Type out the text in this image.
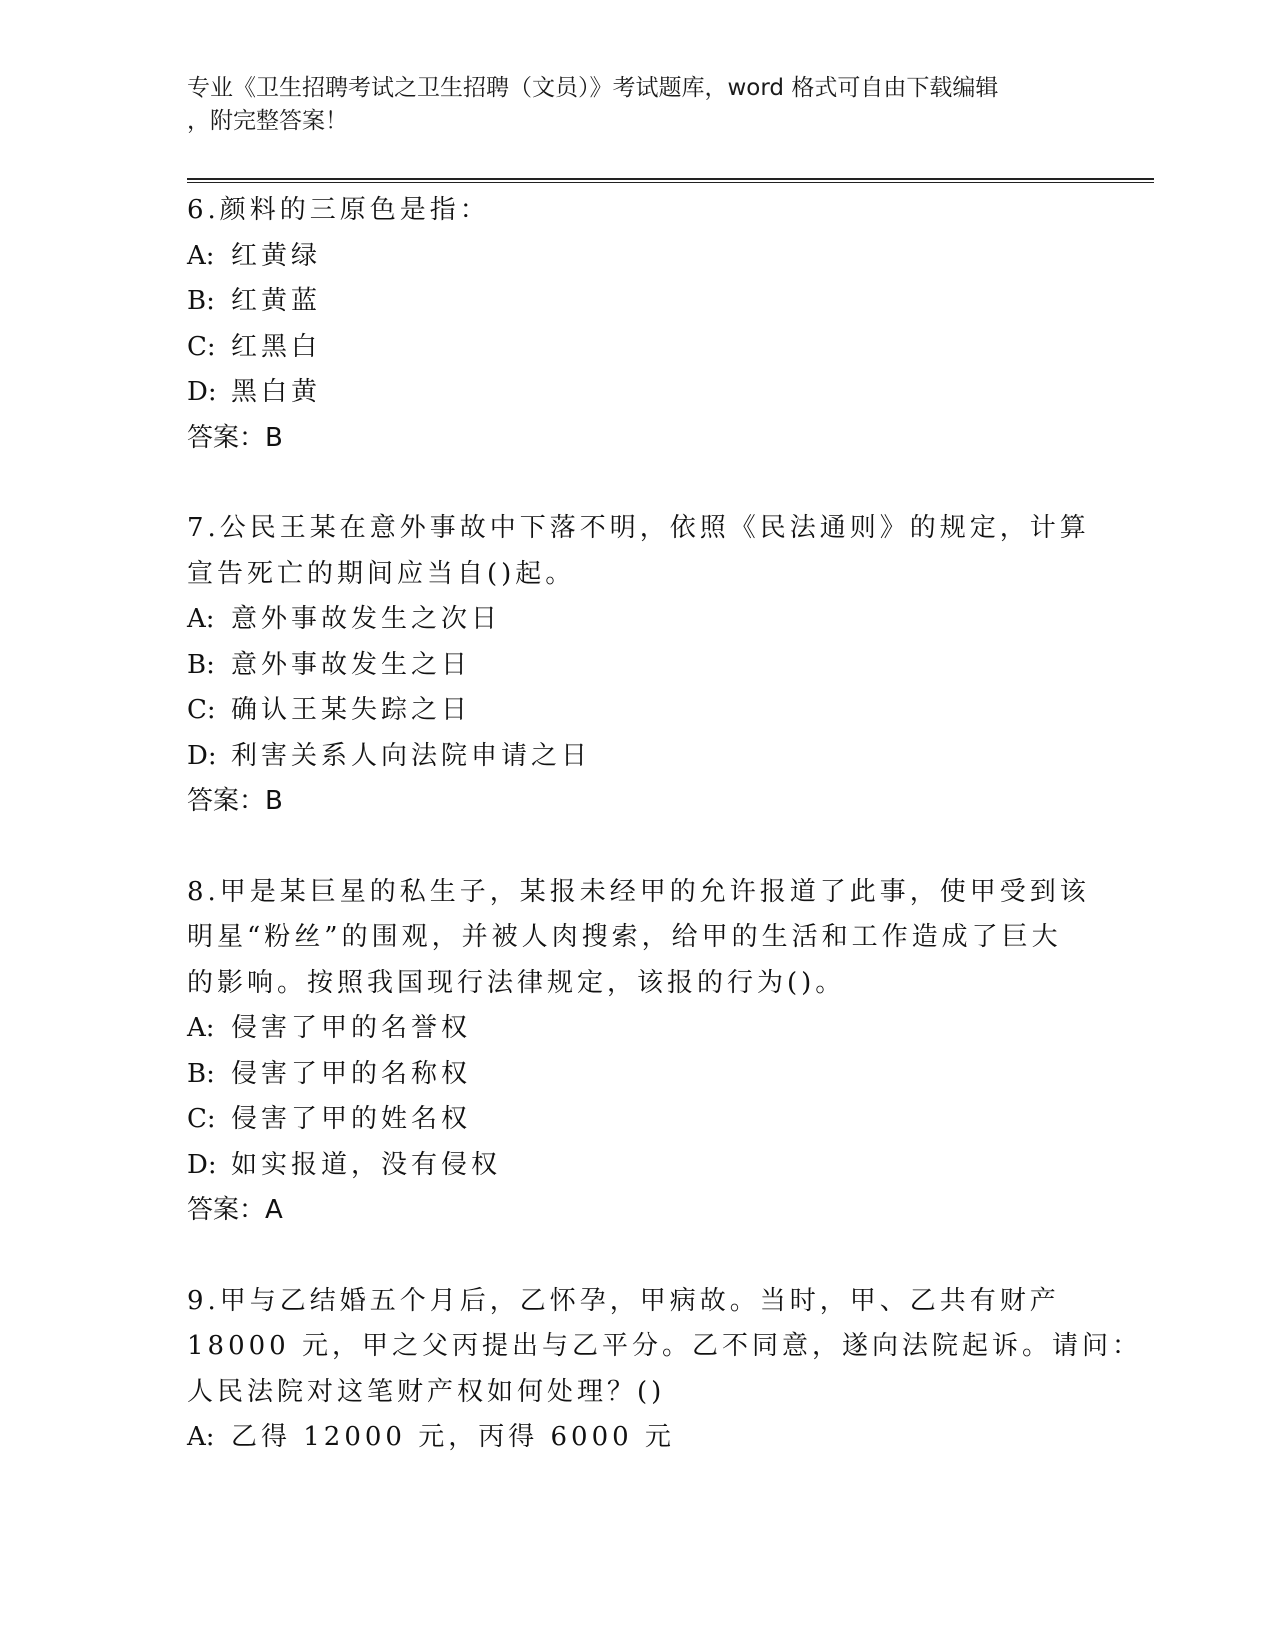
专业《卫生招聘考试之卫生招聘（文员）》考试题库，word 格式可自由下载编辑
，附完整答案！
6.颜料的三原色是指：
A: 红黄绿
B: 红黄蓝
C: 红黑白
D: 黑白黄
答案：B
7.公民王某在意外事故中下落不明，依照《民法通则》的规定，计算
宣告死亡的期间应当自()起。
A: 意外事故发生之次日
B: 意外事故发生之日
C: 确认王某失踪之日
D: 利害关系人向法院申请之日
答案：B
8.甲是某巨星的私生子，某报未经甲的允许报道了此事，使甲受到该
明星“粉丝”的围观，并被人肉搜索，给甲的生活和工作造成了巨大
的影响。按照我国现行法律规定，该报的行为()。
A: 侵害了甲的名誉权
B: 侵害了甲的名称权
C: 侵害了甲的姓名权
D: 如实报道，没有侵权
答案：A
9.甲与乙结婚五个月后，乙怀孕，甲病故。当时，甲、乙共有财产
18000 元，甲之父丙提出与乙平分。乙不同意，遂向法院起诉。请问：
人民法院对这笔财产权如何处理？()
A: 乙得 12000 元，丙得 6000 元
